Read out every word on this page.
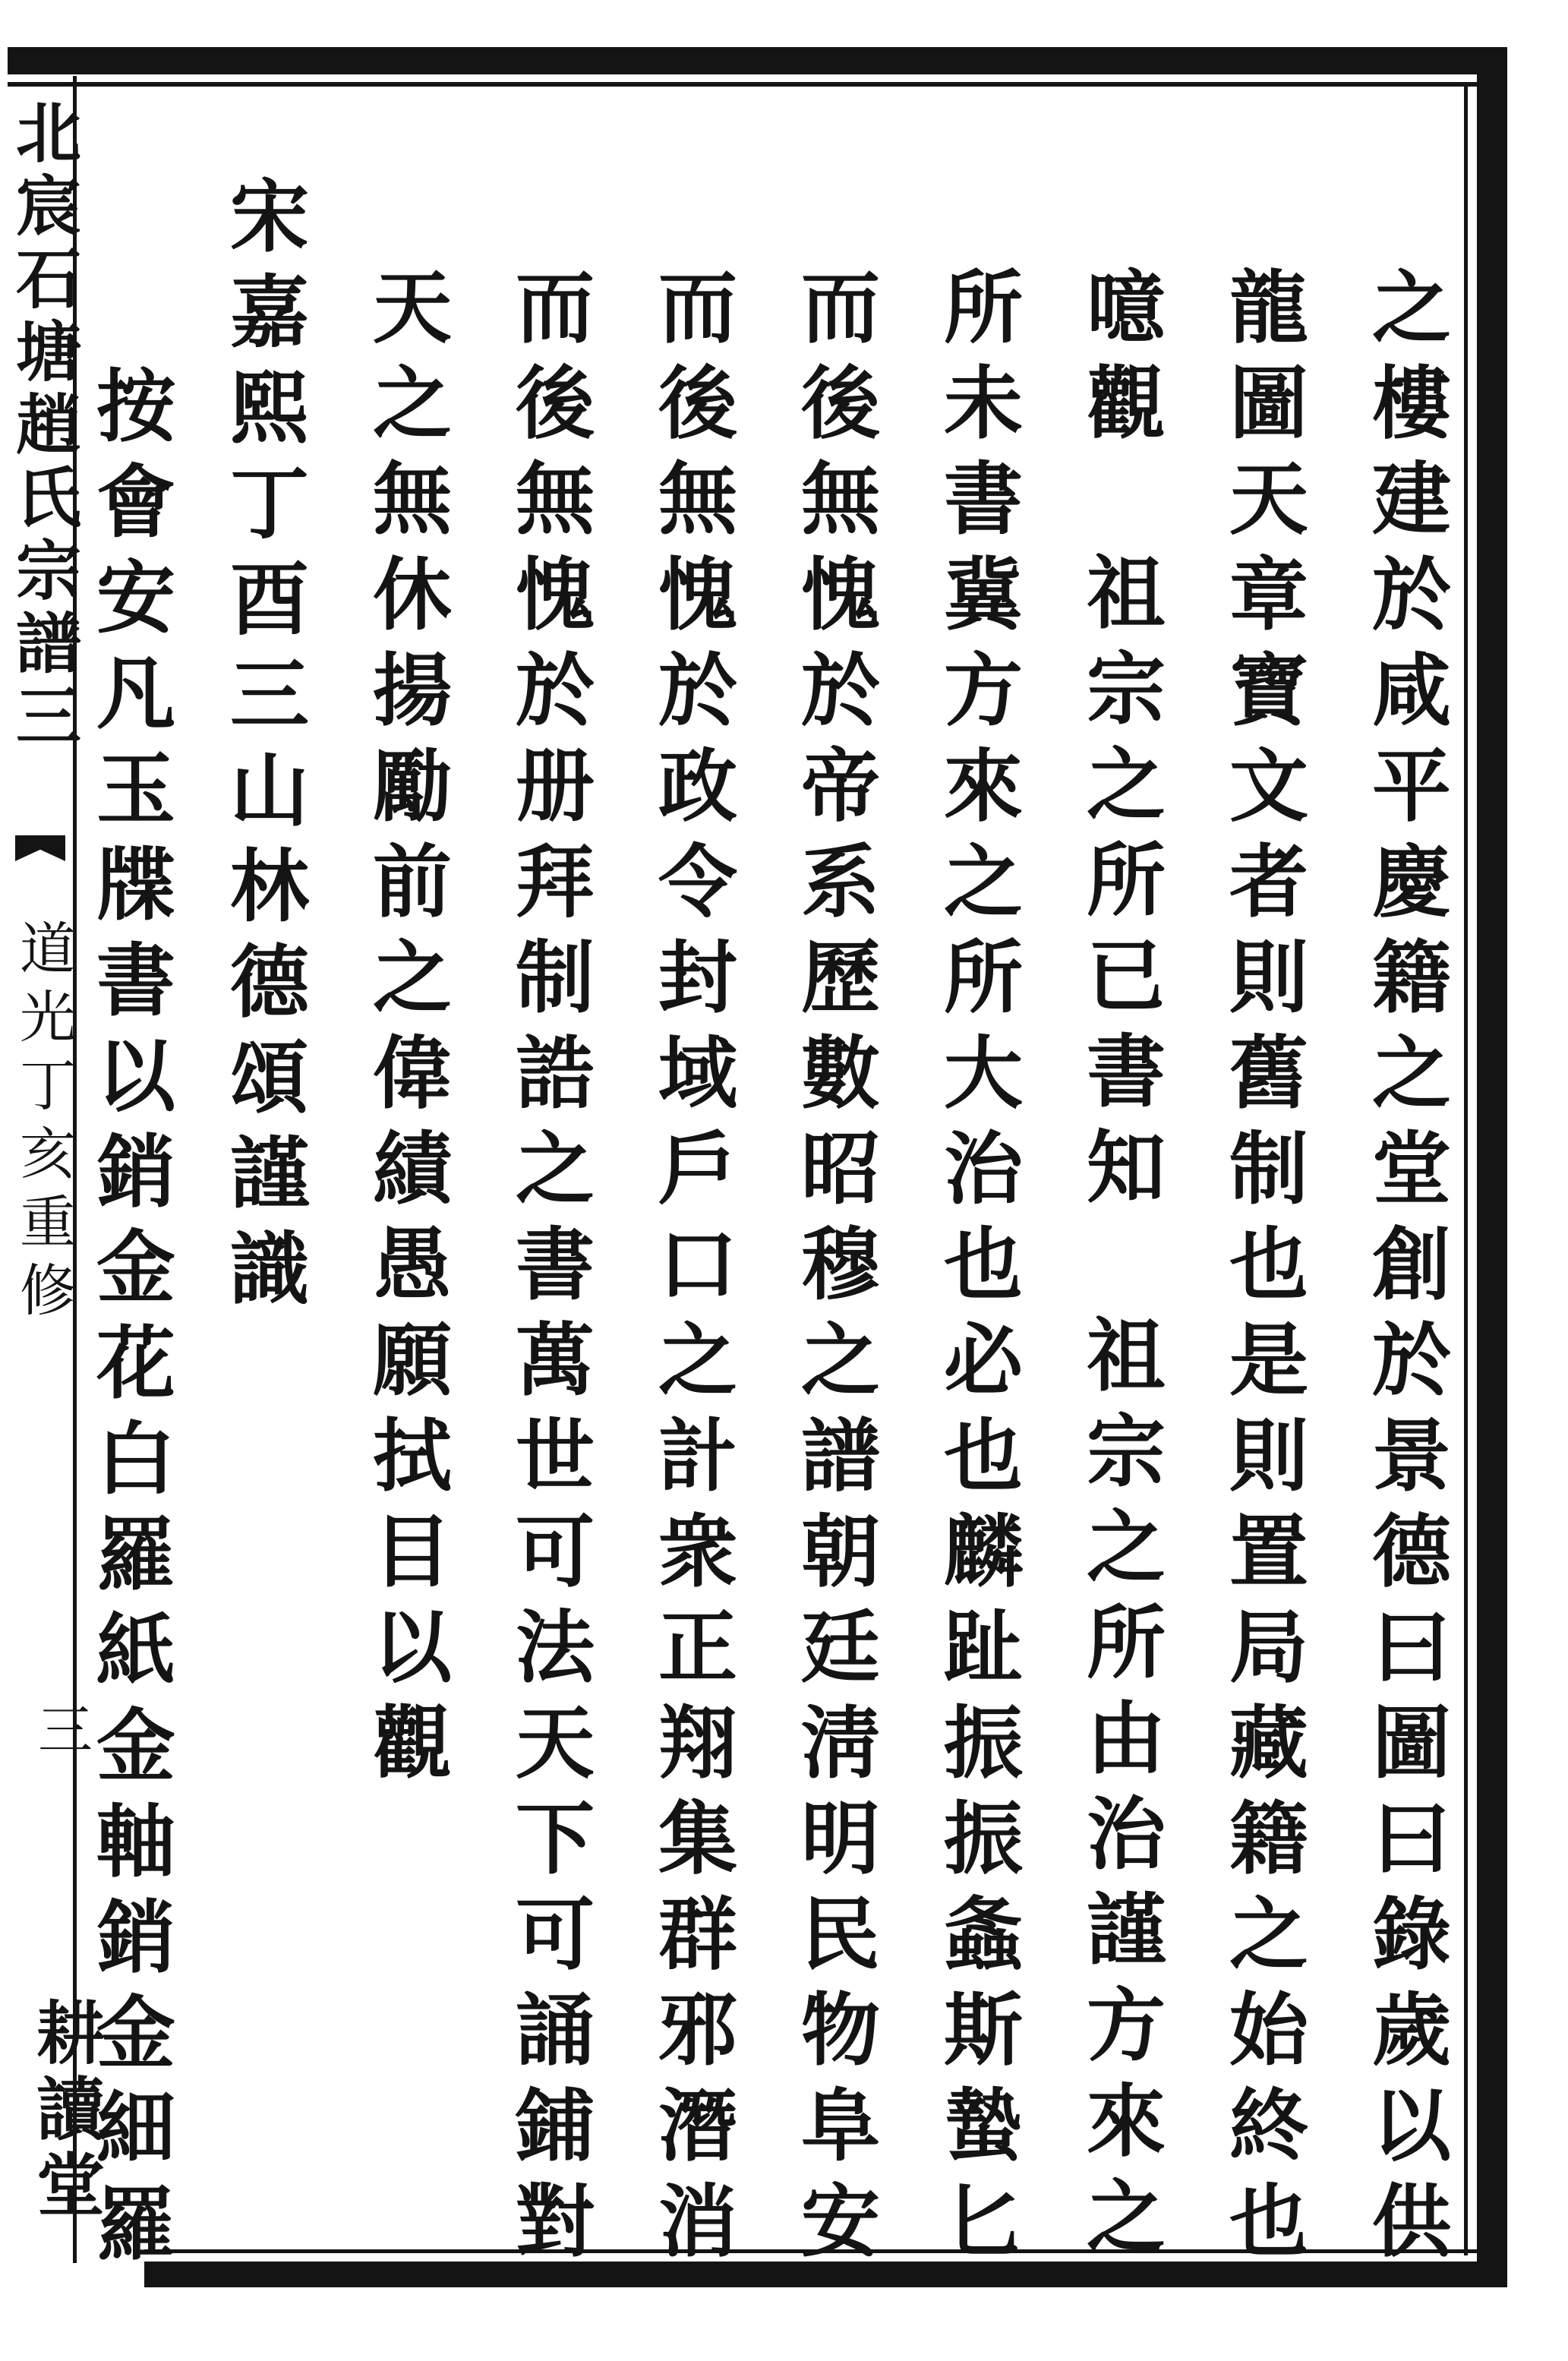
北宸石塘趙氏宗譜三
道光丁亥重修
三
耕讀堂	之樓建於咸平慶籍之堂創於景德曰圖曰錄歲以供
龍圖天章寶文者則舊制也是則置局藏籍之始終也
噫觀
祖宗之所已書知
祖宗之所由治謹方來之
所未書冀方來之所大治也必也麟趾振振螽斯蟄匕
而後無愧於帝系歷數昭穆之譜朝廷淸明民物阜安
而後無愧於政令封域戶口之計衆正翔集群邪潛消
而後無愧於册拜制誥之書萬世可法天下可誦鋪對
天之無休揚勵前之偉績愚願拭目以觀
宋嘉熙丁酉三山林德頌謹識
按會安凡玉牒書以銷金花白羅紙金軸銷金細羅
